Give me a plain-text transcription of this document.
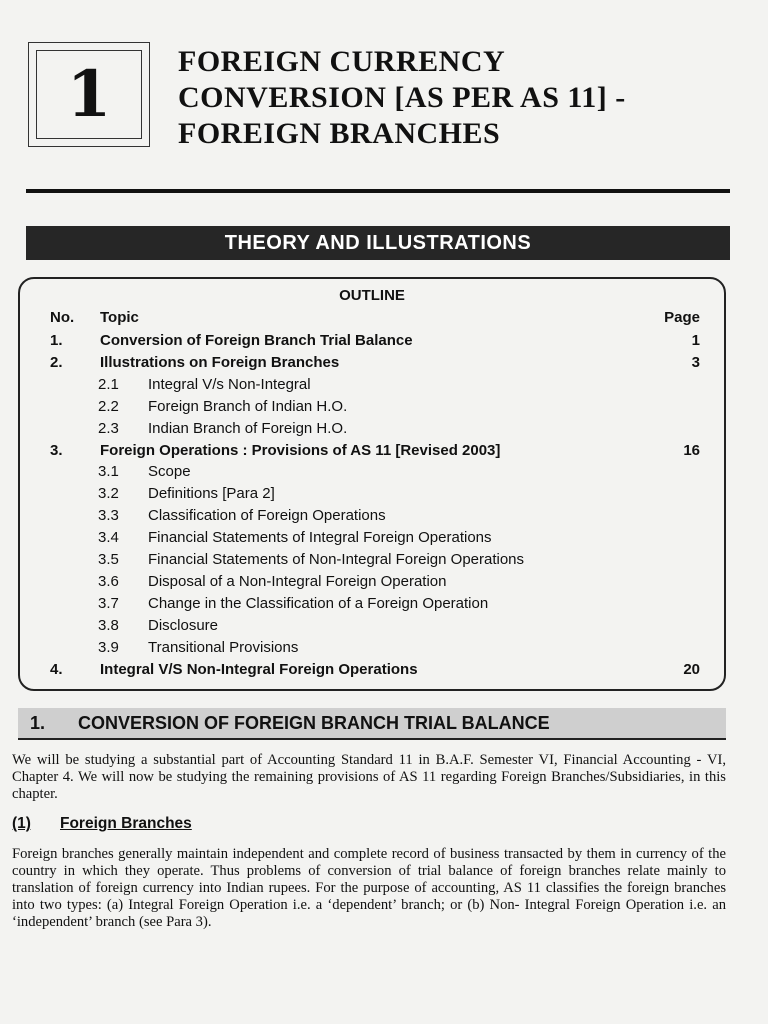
1 FOREIGN CURRENCY
CONVERSION [AS PER AS 11] -
FOREIGN BRANCHES
THEORY AND ILLUSTRATIONS
OUTLINE
No. Topic	Page
1. Conversion of Foreign Branch Trial Balance	1
2. Illustrations on Foreign Branches	3
2.1 Integral V/s Non-Integral
2.2 Foreign Branch of Indian H.O.
2.3 Indian Branch of Foreign H.O.
3. Foreign Operations : Provisions of AS 11 [Revised 2003]	16
3.1 Scope
3.2 Definitions [Para 2]
3.3 Classification of Foreign Operations
3.4 Financial Statements of Integral Foreign Operations
3.5 Financial Statements of Non-Integral Foreign Operations
3.6 Disposal of a Non-Integral Foreign Operation
3.7 Change in the Classification of a Foreign Operation
3.8 Disclosure
3.9 Transitional Provisions
4. Integral V/S Non-Integral Foreign Operations	20
1. CONVERSION OF FOREIGN BRANCH TRIAL BALANCE
We will be studying a substantial part of Accounting Standard 11 in B.A.F. Semester VI, Financial Accounting - VI, Chapter 4. We will now be studying the remaining provisions of AS 11 regarding Foreign Branches/Subsidiaries, in this chapter.
(1) Foreign Branches
Foreign branches generally maintain independent and complete record of business transacted by them in currency of the country in which they operate. Thus problems of conversion of trial balance of foreign branches relate mainly to translation of foreign currency into Indian rupees. For the purpose of accounting, AS 11 classifies the foreign branches into two types: (a) Integral Foreign Operation i.e. a ‘dependent’ branch; or (b) Non- Integral Foreign Operation i.e. an ‘independent’ branch (see Para 3).
